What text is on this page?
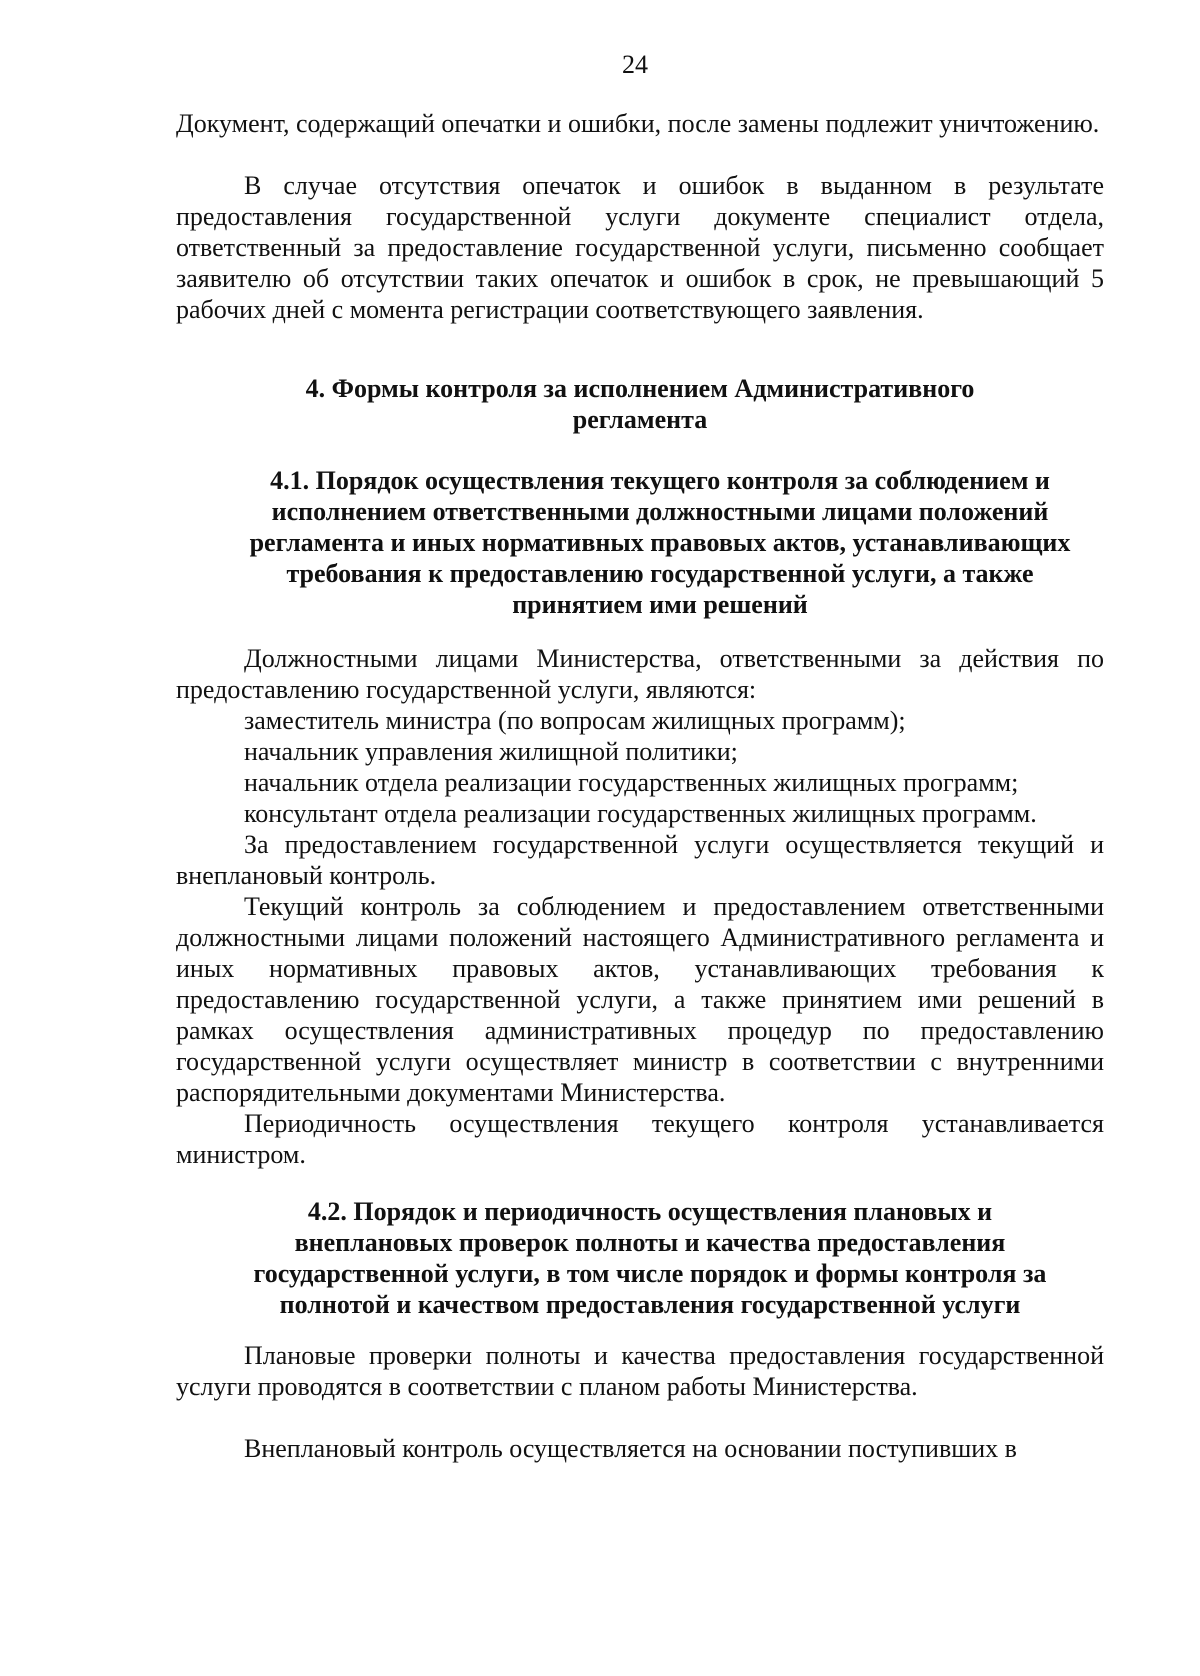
24

Документ, содержащий опечатки и ошибки, после замены подлежит уничтожению.

В случае отсутствия опечаток и ошибок в выданном в результате предоставления государственной услуги документе специалист отдела, ответственный за предоставление государственной услуги, письменно сообщает заявителю об отсутствии таких опечаток и ошибок в срок, не превышающий 5 рабочих дней с момента регистрации соответствующего заявления.

4. Формы контроля за исполнением Административного
регламента
4.1. Порядок осуществления текущего контроля за соблюдением и
исполнением ответственными должностными лицами положений
регламента и иных нормативных правовых актов, устанавливающих
требования к предоставлению государственной услуги, а также
принятием ими решений

Должностными лицами Министерства, ответственными за действия по предоставлению государственной услуги, являются:

заместитель министра (по вопросам жилищных программ);
начальник управления жилищной политики;
начальник отдела реализации государственных жилищных программ;
консультант отдела реализации государственных жилищных программ.

За предоставлением государственной услуги осуществляется текущий и внеплановый контроль.

Текущий контроль за соблюдением и предоставлением ответственными должностными лицами положений настоящего Административного регламента и иных нормативных правовых актов, устанавливающих требования к предоставлению государственной услуги, а также принятием ими решений в рамках осуществления административных процедур по предоставлению государственной услуги осуществляет министр в соответствии с внутренними распорядительными документами Министерства.

Периодичность осуществления текущего контроля устанавливается министром.

4.2. Порядок и периодичность осуществления плановых и
внеплановых проверок полноты и качества предоставления
государственной услуги, в том числе порядок и формы контроля за
полнотой и качеством предоставления государственной услуги

Плановые проверки полноты и качества предоставления государственной услуги проводятся в соответствии с планом работы Министерства.

Внеплановый контроль осуществляется на основании поступивших в
